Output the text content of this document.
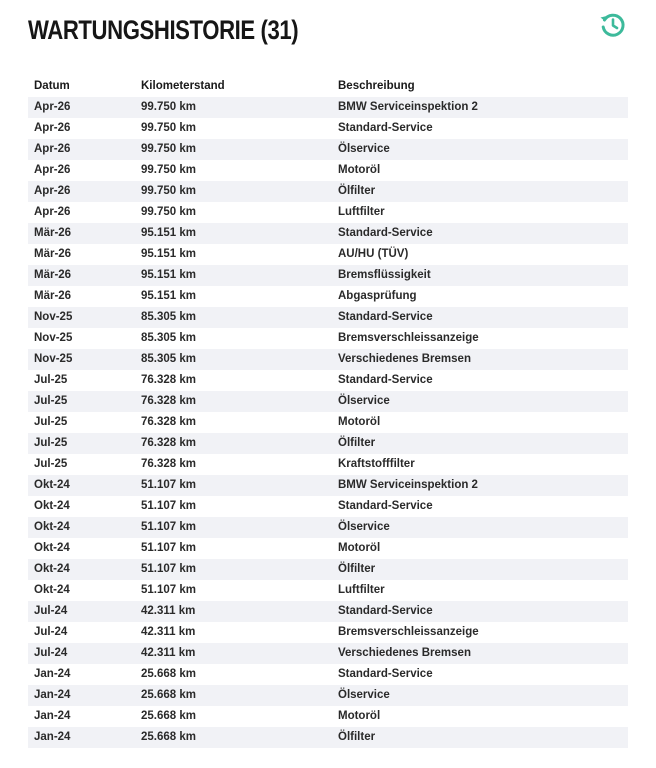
WARTUNGSHISTORIE (31)
Datum	Kilometerstand	Beschreibung
Apr-26	99.750 km	BMW Serviceinspektion 2
Apr-26	99.750 km	Standard-Service
Apr-26	99.750 km	Ölservice
Apr-26	99.750 km	Motoröl
Apr-26	99.750 km	Ölfilter
Apr-26	99.750 km	Luftfilter
Mär-26	95.151 km	Standard-Service
Mär-26	95.151 km	AU/HU (TÜV)
Mär-26	95.151 km	Bremsflüssigkeit
Mär-26	95.151 km	Abgasprüfung
Nov-25	85.305 km	Standard-Service
Nov-25	85.305 km	Bremsverschleissanzeige
Nov-25	85.305 km	Verschiedenes Bremsen
Jul-25	76.328 km	Standard-Service
Jul-25	76.328 km	Ölservice
Jul-25	76.328 km	Motoröl
Jul-25	76.328 km	Ölfilter
Jul-25	76.328 km	Kraftstofffilter
Okt-24	51.107 km	BMW Serviceinspektion 2
Okt-24	51.107 km	Standard-Service
Okt-24	51.107 km	Ölservice
Okt-24	51.107 km	Motoröl
Okt-24	51.107 km	Ölfilter
Okt-24	51.107 km	Luftfilter
Jul-24	42.311 km	Standard-Service
Jul-24	42.311 km	Bremsverschleissanzeige
Jul-24	42.311 km	Verschiedenes Bremsen
Jan-24	25.668 km	Standard-Service
Jan-24	25.668 km	Ölservice
Jan-24	25.668 km	Motoröl
Jan-24	25.668 km	Ölfilter
